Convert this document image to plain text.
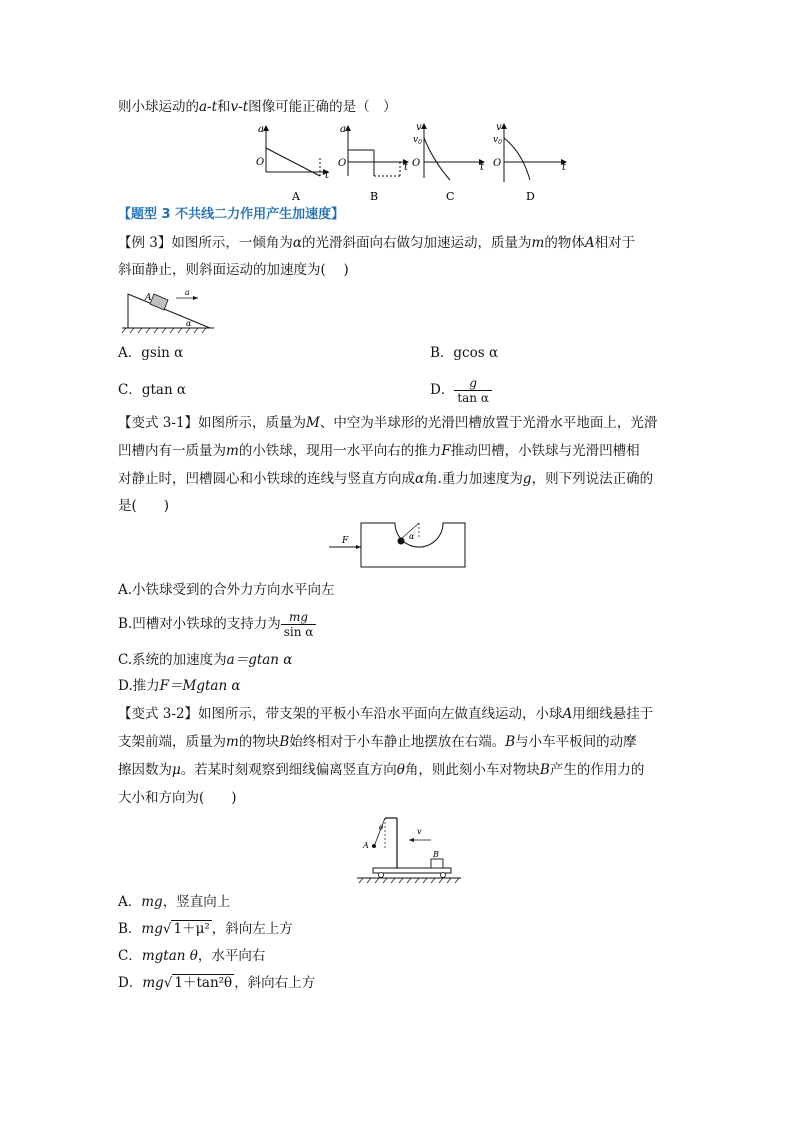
则小球运动的a-t和v-t图像可能正确的是（　）
a
O
t
A
a
O	t
B
v
$v_0$
O	t
C
v
$v_0$
O	t
D
【题型 3 不共线二力作用产生加速度】
【例 3】如图所示，一倾角为α的光滑斜面向右做匀加速运动，质量为m的物体A相对于
斜面静止，则斜面运动的加速度为(　 )
A
a
α
A．gsin α	B．gcos α
C．gtan α	D． $\frac{g}{\text{tan α}}$
【变式 3-1】如图所示，质量为M、中空为半球形的光滑凹槽放置于光滑水平地面上，光滑
凹槽内有一质量为m的小铁球，现用一水平向右的推力F推动凹槽，小铁球与光滑凹槽相
对静止时，凹槽圆心和小铁球的连线与竖直方向成α角.重力加速度为g，则下列说法正确的
是(　　)
F	α
A.小铁球受到的合外力方向水平向左
B.凹槽对小铁球的支持力为 $\frac{mg}{\text{sin α}}$
C.系统的加速度为a＝gtan α
D.推力F＝Mgtan α
【变式 3-2】如图所示，带支架的平板小车沿水平面向左做直线运动，小球A用细线悬挂于
支架前端，质量为m的物块B始终相对于小车静止地摆放在右端。B与小车平板间的动摩
擦因数为μ。若某时刻观察到细线偏离竖直方向θ角，则此刻小车对物块B产生的作用力的
大小和方向为(　　)
A
θ
B
v
A．mg，竖直向上
B．mg√ 1＋μ² ，斜向左上方
C．mgtan θ，水平向右
D．mg√ 1＋tan²θ ，斜向右上方
